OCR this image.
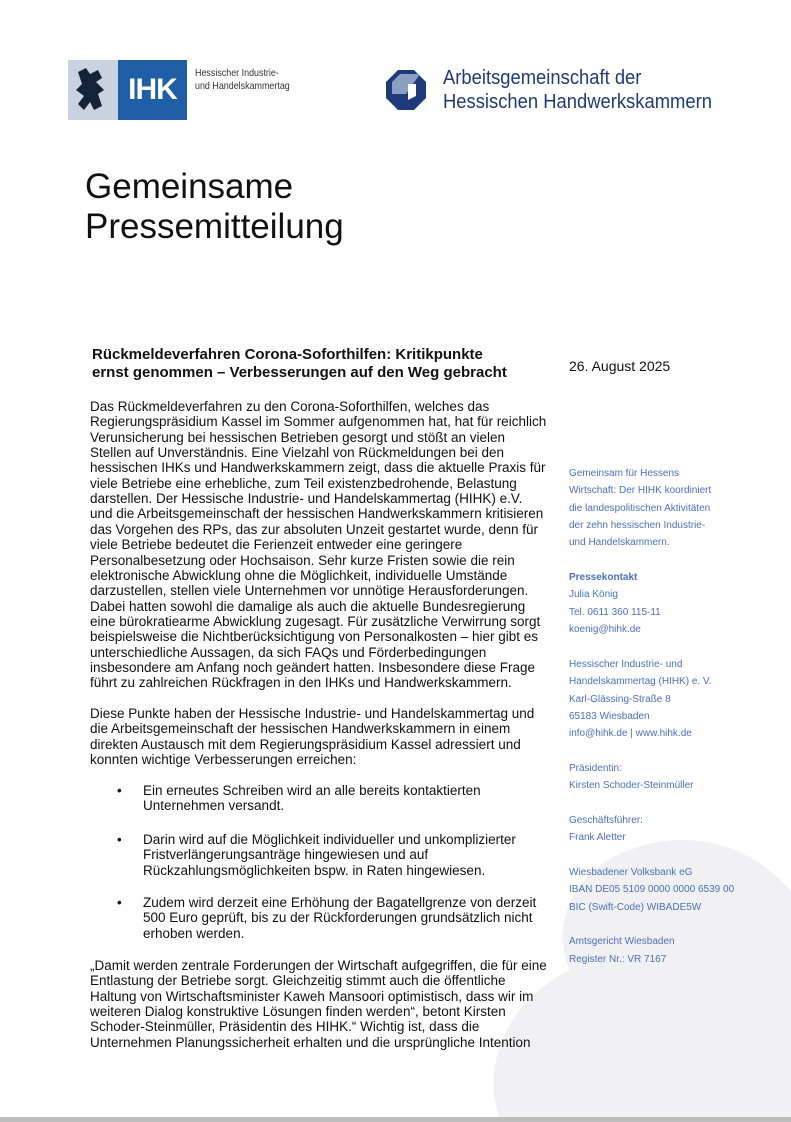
IHK	Hessischer Industrie-
und Handelskammertag	Arbeitsgemeinschaft der
Hessischen Handwerkskammern
Gemeinsame
Pressemitteilung
Rückmeldeverfahren Corona-Soforthilfen: Kritikpunkte
ernst genommen – Verbesserungen auf den Weg gebracht	26. August 2025
Das Rückmeldeverfahren zu den Corona-Soforthilfen, welches das
Regierungspräsidium Kassel im Sommer aufgenommen hat, hat für reichlich
Verunsicherung bei hessischen Betrieben gesorgt und stößt an vielen
Stellen auf Unverständnis. Eine Vielzahl von Rückmeldungen bei den
hessischen IHKs und Handwerkskammern zeigt, dass die aktuelle Praxis für
viele Betriebe eine erhebliche, zum Teil existenzbedrohende, Belastung
darstellen. Der Hessische Industrie- und Handelskammertag (HIHK) e.V.
und die Arbeitsgemeinschaft der hessischen Handwerkskammern kritisieren
das Vorgehen des RPs, das zur absoluten Unzeit gestartet wurde, denn für
viele Betriebe bedeutet die Ferienzeit entweder eine geringere
Personalbesetzung oder Hochsaison. Sehr kurze Fristen sowie die rein
elektronische Abwicklung ohne die Möglichkeit, individuelle Umstände
darzustellen, stellen viele Unternehmen vor unnötige Herausforderungen.
Dabei hatten sowohl die damalige als auch die aktuelle Bundesregierung
eine bürokratiearme Abwicklung zugesagt. Für zusätzliche Verwirrung sorgt
beispielsweise die Nichtberücksichtigung von Personalkosten – hier gibt es
unterschiedliche Aussagen, da sich FAQs und Förderbedingungen
insbesondere am Anfang noch geändert hatten. Insbesondere diese Frage
führt zu zahlreichen Rückfragen in den IHKs und Handwerkskammern.
Diese Punkte haben der Hessische Industrie- und Handelskammertag und
die Arbeitsgemeinschaft der hessischen Handwerkskammern in einem
direkten Austausch mit dem Regierungspräsidium Kassel adressiert und
konnten wichtige Verbesserungen erreichen:
• Ein erneutes Schreiben wird an alle bereits kontaktierten
Unternehmen versandt.
• Darin wird auf die Möglichkeit individueller und unkomplizierter
Fristverlängerungsanträge hingewiesen und auf
Rückzahlungsmöglichkeiten bspw. in Raten hingewiesen.
• Zudem wird derzeit eine Erhöhung der Bagatellgrenze von derzeit
500 Euro geprüft, bis zu der Rückforderungen grundsätzlich nicht
erhoben werden.
„Damit werden zentrale Forderungen der Wirtschaft aufgegriffen, die für eine
Entlastung der Betriebe sorgt. Gleichzeitig stimmt auch die öffentliche
Haltung von Wirtschaftsminister Kaweh Mansoori optimistisch, dass wir im
weiteren Dialog konstruktive Lösungen finden werden“, betont Kirsten
Schoder-Steinmüller, Präsidentin des HIHK.“ Wichtig ist, dass die
Unternehmen Planungssicherheit erhalten und die ursprüngliche Intention
Gemeinsam für Hessens
Wirtschaft: Der HIHK koordiniert
die landespolitischen Aktivitäten
der zehn hessischen Industrie-
und Handelskammern.
Pressekontakt
Julia König
Tel. 0611 360 115-11
koenig@hihk.de
Hessischer Industrie- und
Handelskammertag (HIHK) e. V.
Karl-Glässing-Straße 8
65183 Wiesbaden
info@hihk.de | www.hihk.de
Präsidentin:
Kirsten Schoder-Steinmüller
Geschäftsführer:
Frank Aletter
Wiesbadener Volksbank eG
IBAN DE05 5109 0000 0000 6539 00
BIC (Swift-Code) WIBADE5W
Amtsgericht Wiesbaden
Register Nr.: VR 7167
